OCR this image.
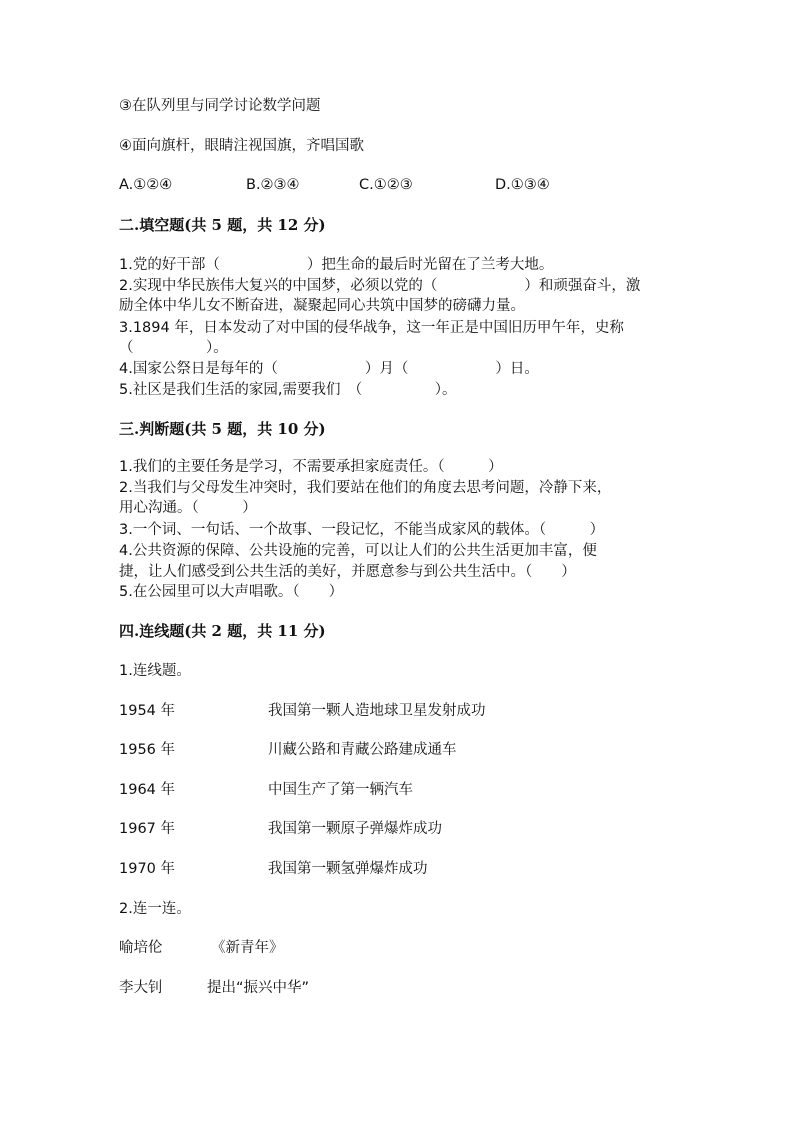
③在队列里与同学讨论数学问题
④面向旗杆，眼睛注视国旗，齐唱国歌
A.①②④	B.②③④	C.①②③	D.①③④
二.填空题(共 5 题，共 12 分)
1.党的好干部（　　　　　　）把生命的最后时光留在了兰考大地。
2.实现中华民族伟大复兴的中国梦，必须以党的（　　　　　　）和顽强奋斗，激
励全体中华儿女不断奋进，凝聚起同心共筑中国梦的磅礴力量。
3.1894 年，日本发动了对中国的侵华战争，这一年正是中国旧历甲午年，史称
（　　　　　）。
4.国家公祭日是每年的（　　　　　　）月（　　　　　　）日。
5.社区是我们生活的家园,需要我们　（　　　　　）。
三.判断题(共 5 题，共 10 分)
1.我们的主要任务是学习，不需要承担家庭责任。（　　　）
2.当我们与父母发生冲突时，我们要站在他们的角度去思考问题，冷静下来，
用心沟通。（　　　）
3.一个词、一句话、一个故事、一段记忆，不能当成家风的载体。（　　　）
4.公共资源的保障、公共设施的完善，可以让人们的公共生活更加丰富，便
捷，让人们感受到公共生活的美好，并愿意参与到公共生活中。（　　）
5.在公园里可以大声唱歌。（　　）
四.连线题(共 2 题，共 11 分)
1.连线题。
1954 年	我国第一颗人造地球卫星发射成功
1956 年	川藏公路和青藏公路建成通车
1964 年	中国生产了第一辆汽车
1967 年	我国第一颗原子弹爆炸成功
1970 年	我国第一颗氢弹爆炸成功
2.连一连。
喻培伦	《新青年》
李大钊	提出“振兴中华”
